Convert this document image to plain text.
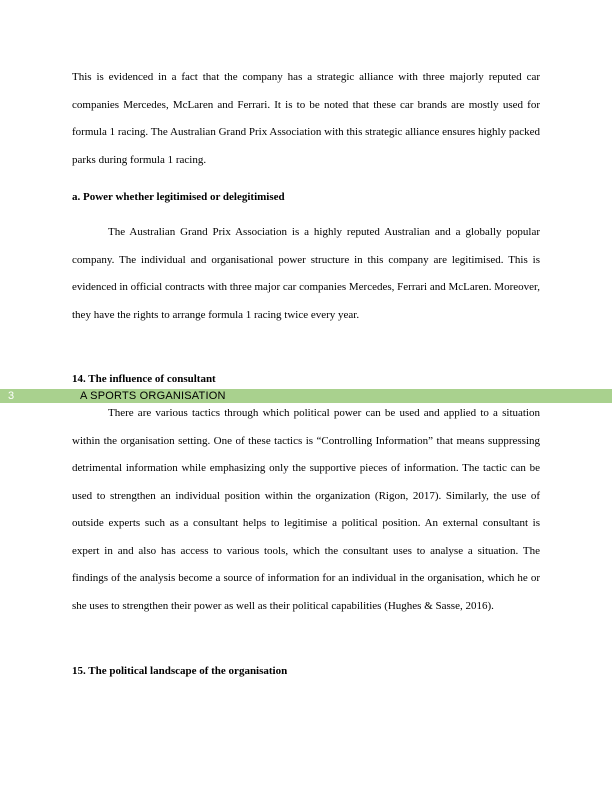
This is evidenced in a fact that the company has a strategic alliance with three majorly reputed car companies Mercedes, McLaren and Ferrari. It is to be noted that these car brands are mostly used for formula 1 racing. The Australian Grand Prix Association with this strategic alliance ensures highly packed parks during formula 1 racing.

a. Power whether legitimised or delegitimised

The Australian Grand Prix Association is a highly reputed Australian and a globally popular company. The individual and organisational power structure in this company are legitimised. This is evidenced in official contracts with three major car companies Mercedes, Ferrari and McLaren. Moreover, they have the rights to arrange formula 1 racing twice every year.

14. The influence of consultant

3	A SPORTS ORGANISATION

There are various tactics through which political power can be used and applied to a situation within the organisation setting. One of these tactics is “Controlling Information” that means suppressing detrimental information while emphasizing only the supportive pieces of information. The tactic can be used to strengthen an individual position within the organization (Rigon, 2017). Similarly, the use of outside experts such as a consultant helps to legitimise a political position. An external consultant is expert in and also has access to various tools, which the consultant uses to analyse a situation. The findings of the analysis become a source of information for an individual in the organisation, which he or she uses to strengthen their power as well as their political capabilities (Hughes & Sasse, 2016).

15. The political landscape of the organisation
